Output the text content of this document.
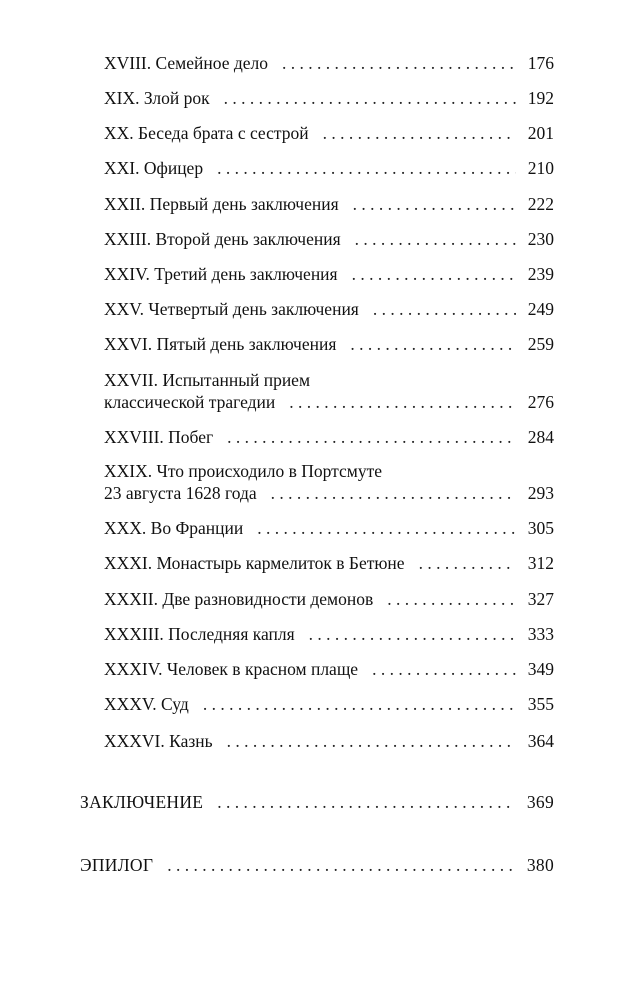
XVIII. Семейное дело . . .	176
XIX. Злой рок . . .	192
XX. Беседа брата с сестрой . . .	201
XXI. Офицер . . .	210
XXII. Первый день заключения . . .	222
XXIII. Второй день заключения . . .	230
XXIV. Третий день заключения . . .	239
XXV. Четвертый день заключения . . .	249
XXVI. Пятый день заключения . . .	259
XXVII. Испытанный прием
классической трагедии . . .	276
XXVIII. Побег . . .	284
XXIX. Что происходило в Портсмуте
23 августа 1628 года . . .	293
XXX. Во Франции . . .	305
XXXI. Монастырь кармелиток в Бетюне . . .	312
XXXII. Две разновидности демонов . . .	327
XXXIII. Последняя капля . . .	333
XXXIV. Человек в красном плаще . . .	349
XXXV. Суд . . .	355
XXXVI. Казнь . . .	364
ЗАКЛЮЧЕНИЕ . . .	369
ЭПИЛОГ . . .	380
